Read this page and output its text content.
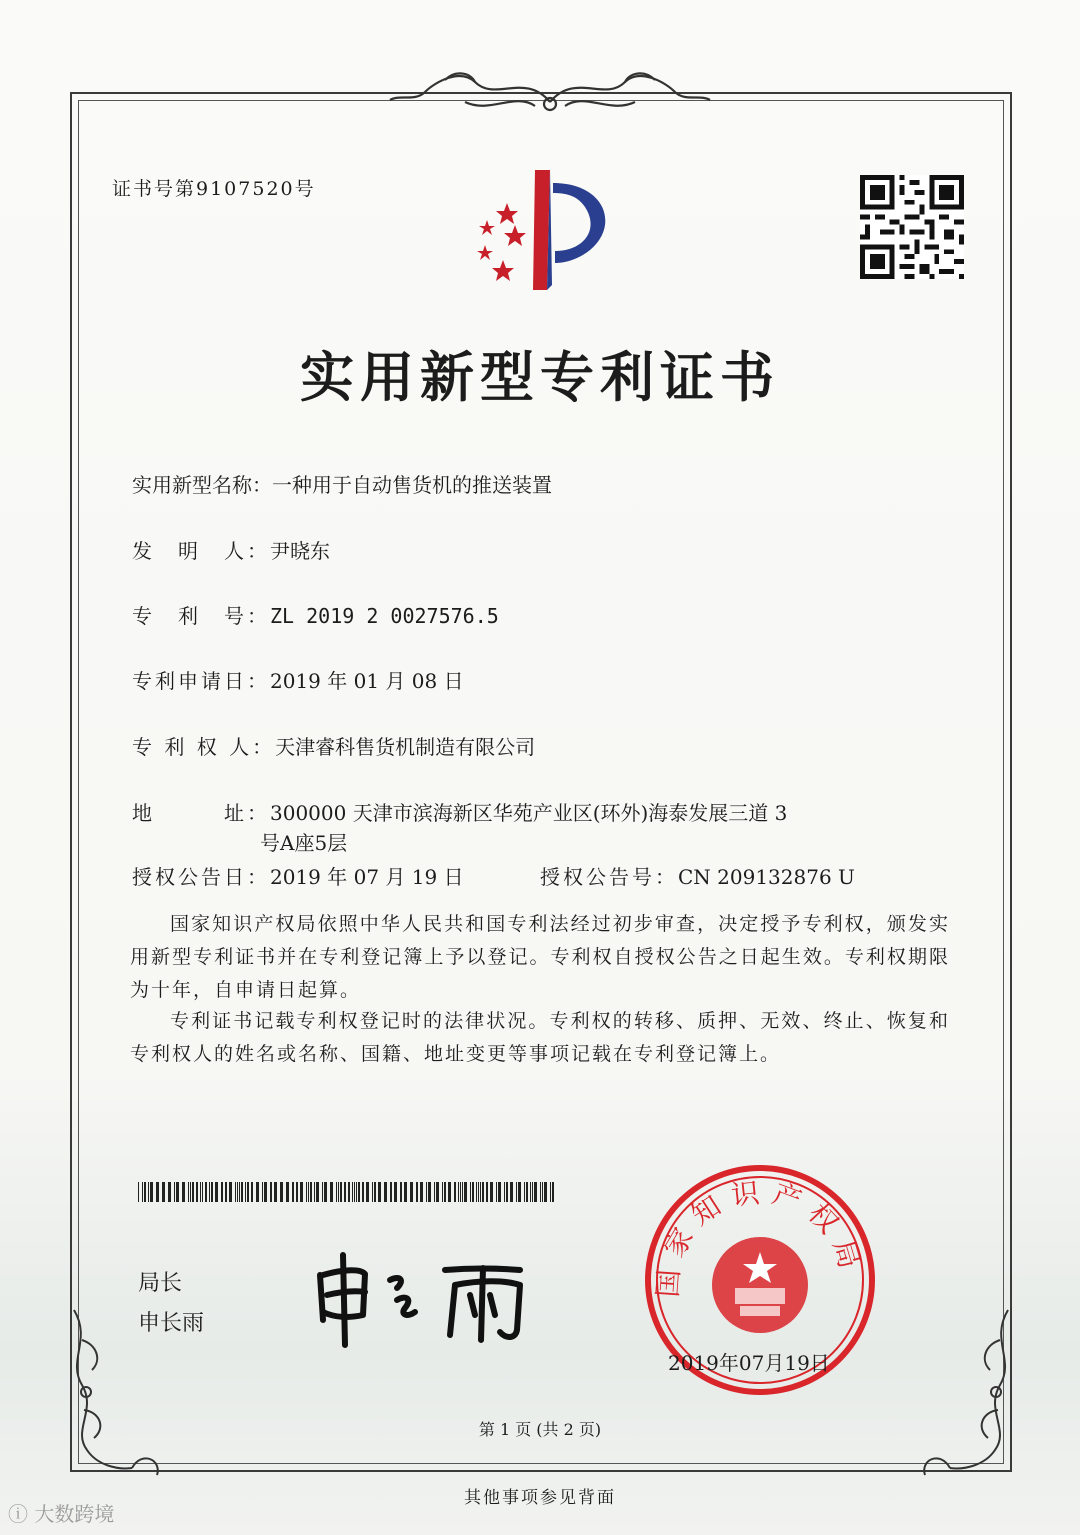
证书号第9107520号
实用新型专利证书
实用新型名称：一种用于自动售货机的推送装置
发　明　人：尹晓东
专　利　号：ZL 2019 2 0027576.5
专利申请日：2019 年 01 月 08 日
专 利 权 人：天津睿科售货机制造有限公司
地　　　址：300000 天津市滨海新区华苑产业区(环外)海泰发展三道 3
号A座5层
授权公告日：2019 年 07 月 19 日	授权公告号：CN 209132876 U
国家知识产权局依照中华人民共和国专利法经过初步审查，决定授予专利权，颁发实用新型专利证书并在专利登记簿上予以登记。专利权自授权公告之日起生效。专利权期限为十年，自申请日起算。
专利证书记载专利权登记时的法律状况。专利权的转移、质押、无效、终止、恢复和专利权人的姓名或名称、国籍、地址变更等事项记载在专利登记簿上。
局长
申长雨
国家知识产权局
2019年07月19日
第 1 页 (共 2 页)
其他事项参见背面
ⓘ 大数跨境
